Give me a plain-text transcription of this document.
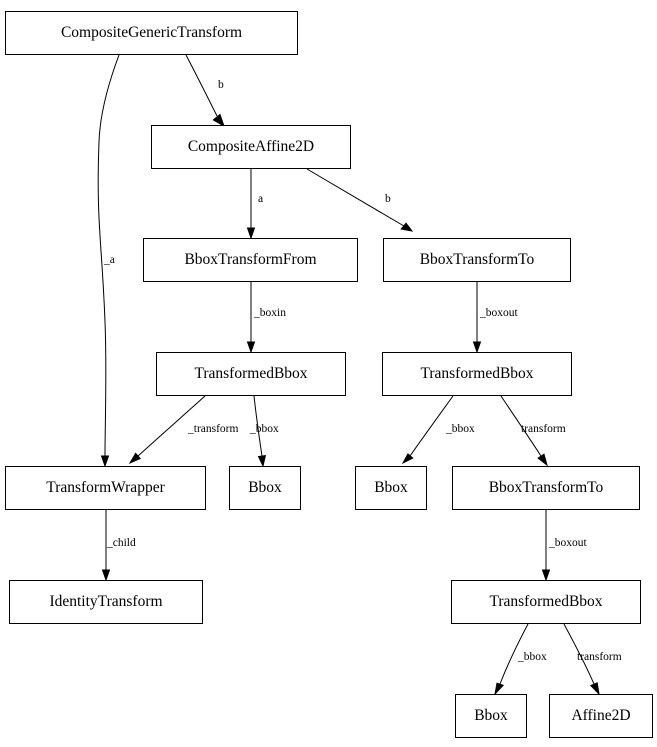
CompositeGenericTransform
CompositeAffine2D
BboxTransformFrom	BboxTransformTo
TransformedBbox	TransformedBbox
TransformWrapper	Bbox	Bbox	BboxTransformTo
IdentityTransform	TransformedBbox
Bbox	Affine2D
b
_a
a	b
_boxin	_boxout
_transform _bbox	_bbox	transform
_child	_boxout
_bbox	transform
